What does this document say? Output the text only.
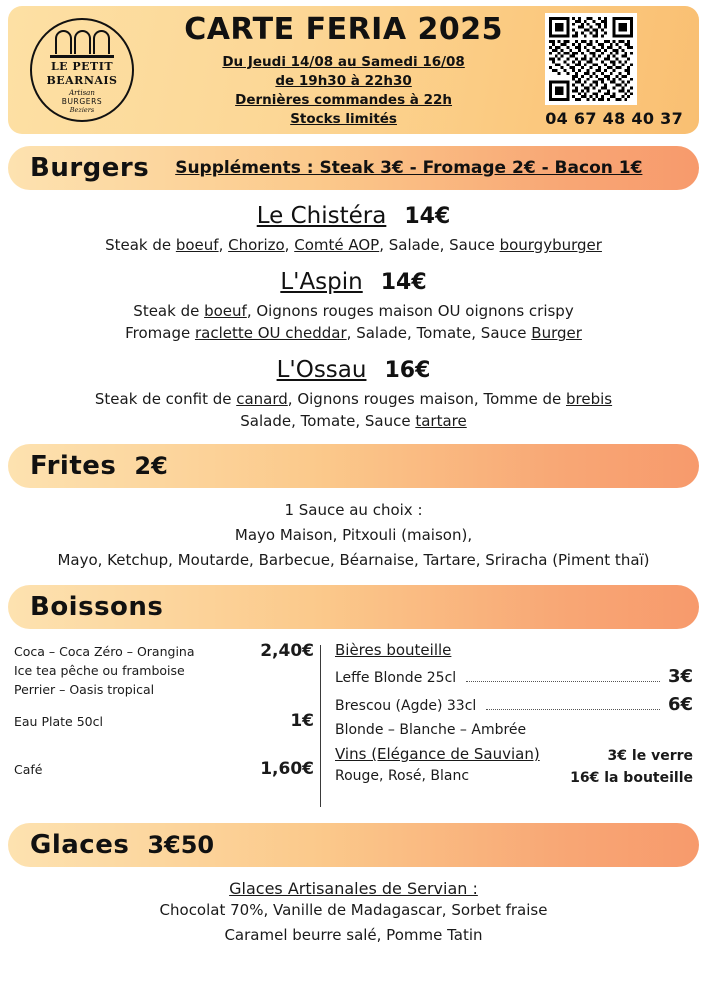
LE PETIT
BEARNAIS
Artisan
BURGERS
Beziers
CARTE FERIA 2025
Du Jeudi 14/08 au Samedi 16/08
de 19h30 à 22h30
Dernières commandes à 22h
Stocks limités	04 67 48 40 37
Burgers Suppléments : Steak 3€ - Fromage 2€ - Bacon 1€
Le Chistéra 14€
Steak de boeuf, Chorizo, Comté AOP, Salade, Sauce bourgyburger
L'Aspin 14€
Steak de boeuf, Oignons rouges maison OU oignons crispy
Fromage raclette OU cheddar, Salade, Tomate, Sauce Burger
L'Ossau 16€
Steak de confit de canard, Oignons rouges maison, Tomme de brebis
Salade, Tomate, Sauce tartare
Frites 2€
1 Sauce au choix :
Mayo Maison, Pitxouli (maison),
Mayo, Ketchup, Moutarde, Barbecue, Béarnaise, Tartare, Sriracha (Piment thaï)
Boissons
Coca – Coca Zéro – Orangina
Ice tea pêche ou framboise
Perrier – Oasis tropical
2,40€
Eau Plate 50cl	1€
Café	1,60€
Bières bouteille
Leffe Blonde 25cl	3€
Brescou (Agde) 33cl	6€
Blonde – Blanche – Ambrée
Vins (Elégance de Sauvian)
Rouge, Rosé, Blanc
3€ le verre
16€ la bouteille
Glaces 3€50
Glaces Artisanales de Servian :
Chocolat 70%, Vanille de Madagascar, Sorbet fraise
Caramel beurre salé, Pomme Tatin
